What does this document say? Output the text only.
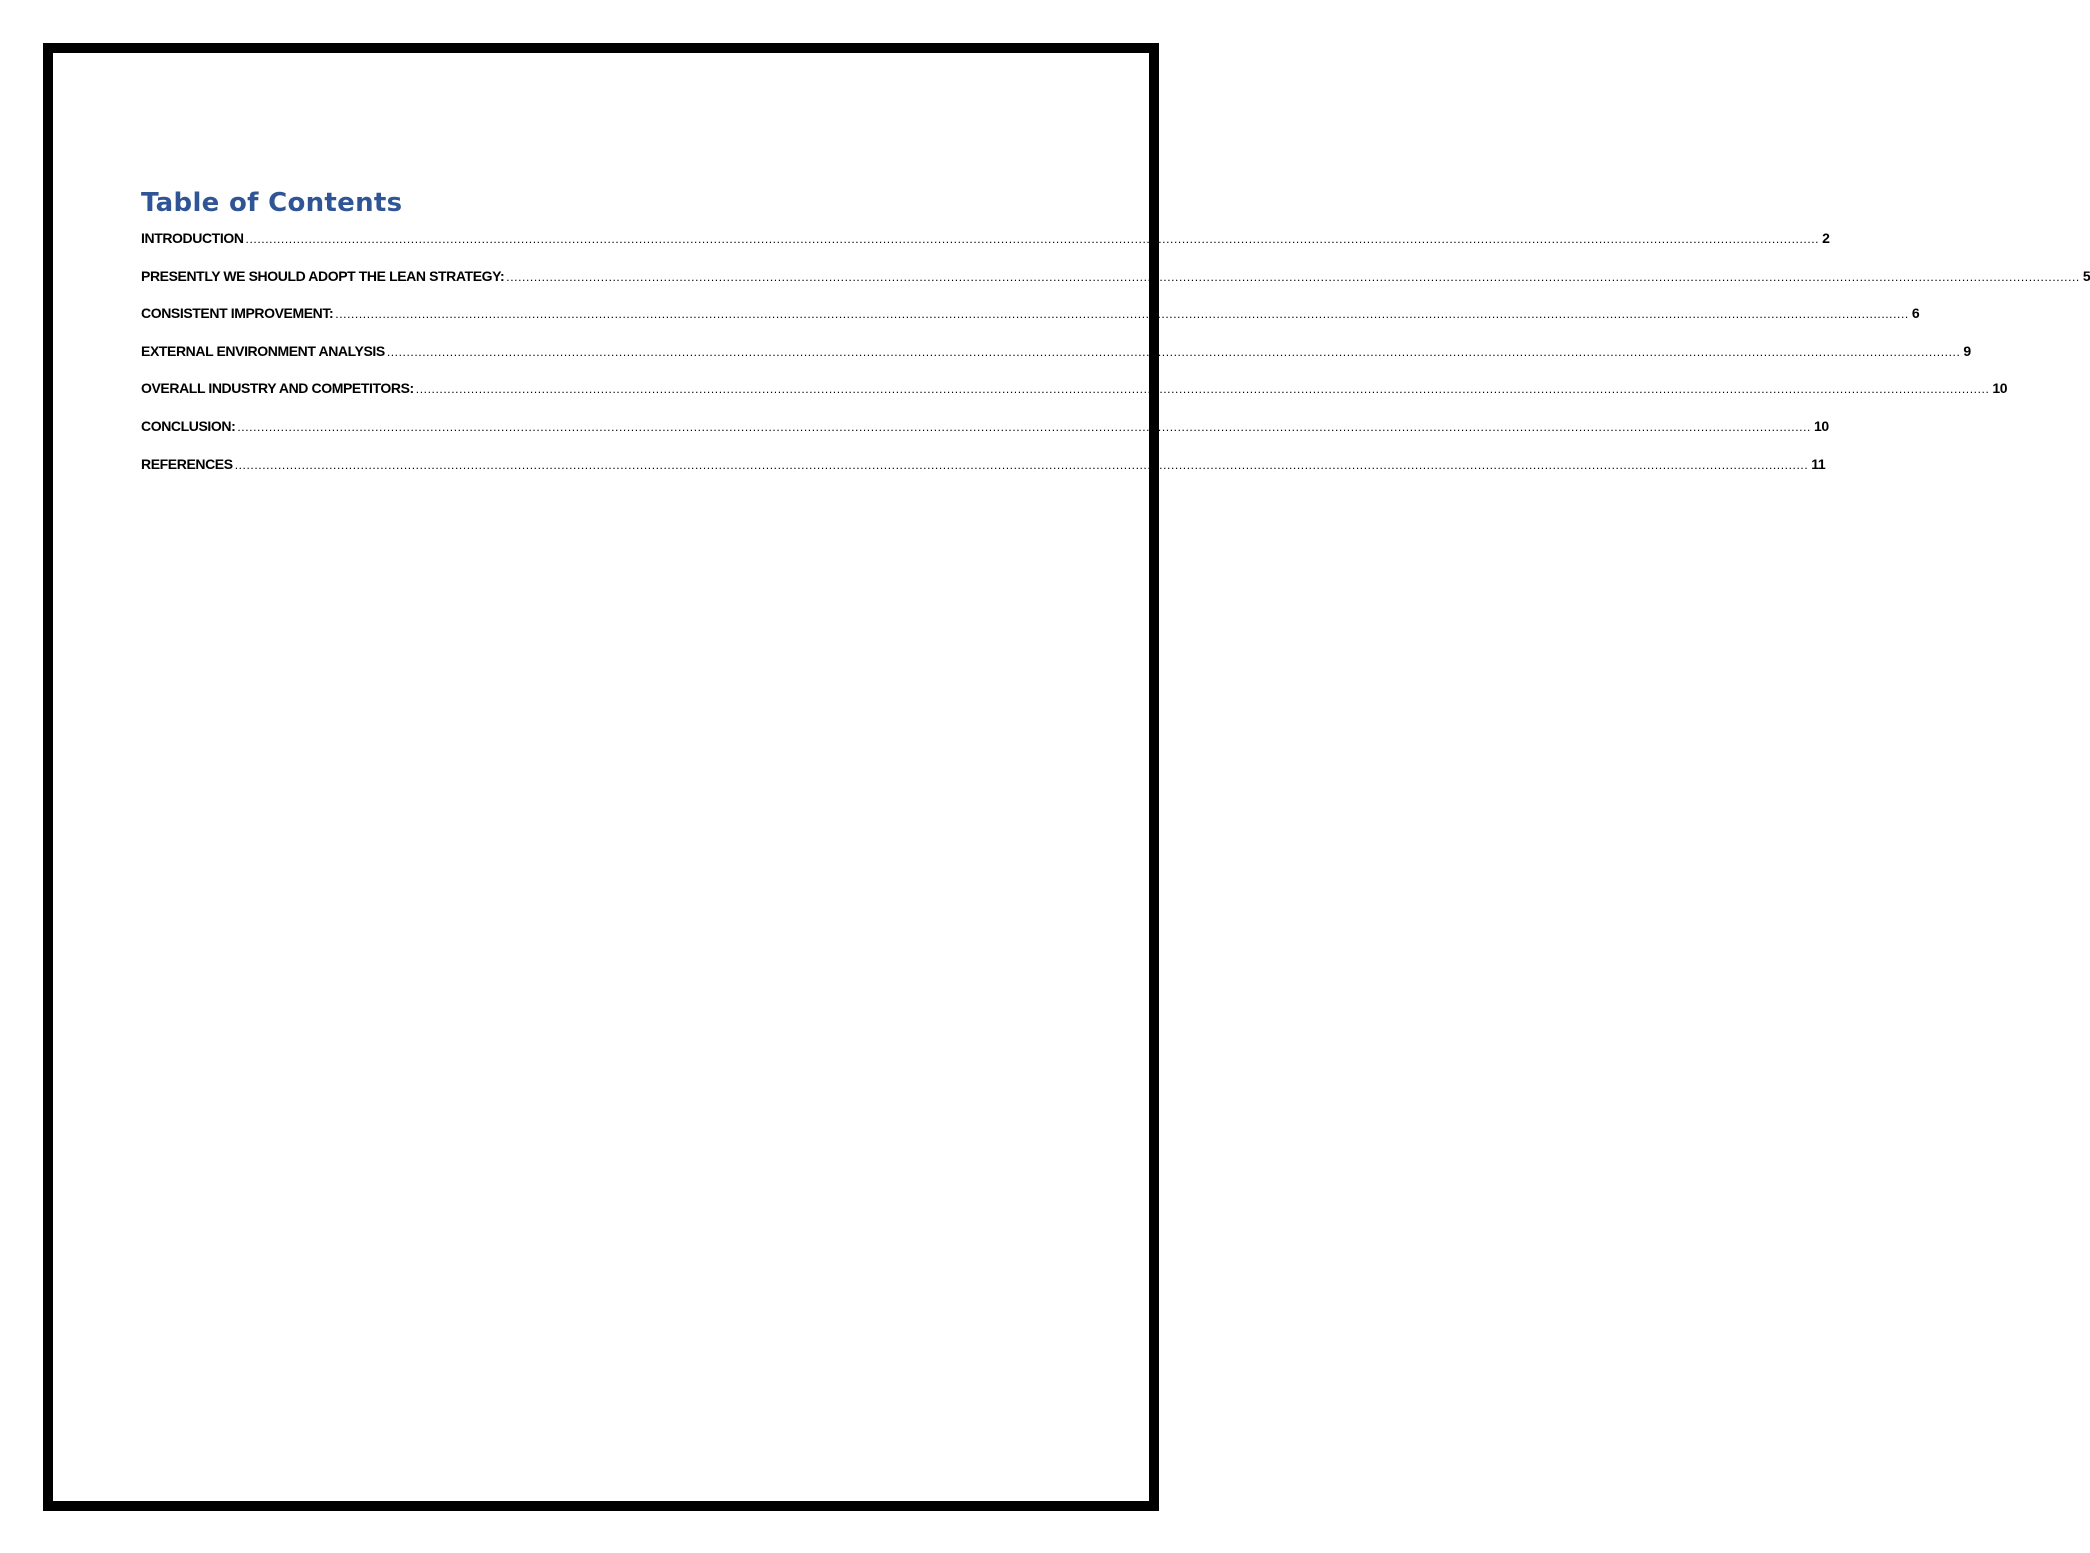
Table of Contents
INTRODUCTION ................................................................................................................................................................................................................................................................................................................................................................................................................ 2
PRESENTLY WE SHOULD ADOPT THE LEAN STRATEGY: ................................................................................................................................................................................................................................................................................................................................................................................................................ 5
CONSISTENT IMPROVEMENT: ................................................................................................................................................................................................................................................................................................................................................................................................................ 6
EXTERNAL ENVIRONMENT ANALYSIS ................................................................................................................................................................................................................................................................................................................................................................................................................ 9
OVERALL INDUSTRY AND COMPETITORS: ................................................................................................................................................................................................................................................................................................................................................................................................................ 10
CONCLUSION: ................................................................................................................................................................................................................................................................................................................................................................................................................ 10
REFERENCES ................................................................................................................................................................................................................................................................................................................................................................................................................ 11
